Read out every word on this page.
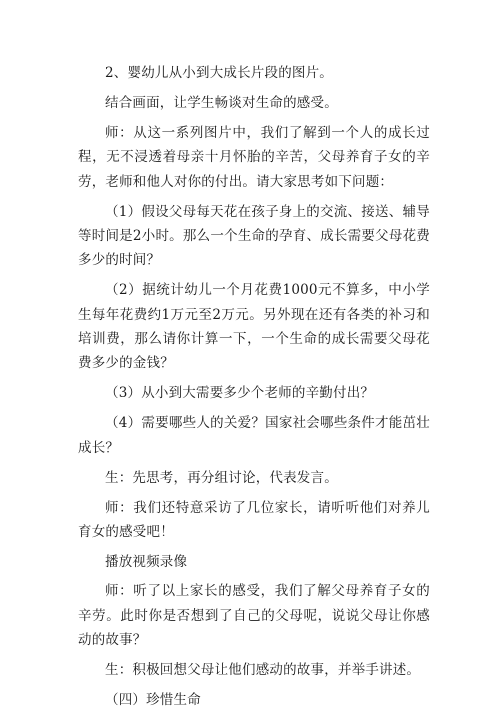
2、婴幼儿从小到大成长片段的图片。

结合画面，让学生畅谈对生命的感受。

师：从这一系列图片中，我们了解到一个人的成长过程，无不浸透着母亲十月怀胎的辛苦，父母养育子女的辛劳，老师和他人对你的付出。请大家思考如下问题：

（1）假设父母每天花在孩子身上的交流、接送、辅导等时间是2小时。那么一个生命的孕育、成长需要父母花费多少的时间？

（2）据统计幼儿一个月花费1000元不算多，中小学生每年花费约1万元至2万元。另外现在还有各类的补习和培训费，那么请你计算一下，一个生命的成长需要父母花费多少的金钱？

（3）从小到大需要多少个老师的辛勤付出？

（4）需要哪些人的关爱？国家社会哪些条件才能茁壮成长？

生：先思考，再分组讨论，代表发言。

师：我们还特意采访了几位家长，请听听他们对养儿育女的感受吧！

播放视频录像

师：听了以上家长的感受，我们了解父母养育子女的辛劳。此时你是否想到了自己的父母呢，说说父母让你感动的故事？

生：积极回想父母让他们感动的故事，并举手讲述。

（四）珍惜生命
